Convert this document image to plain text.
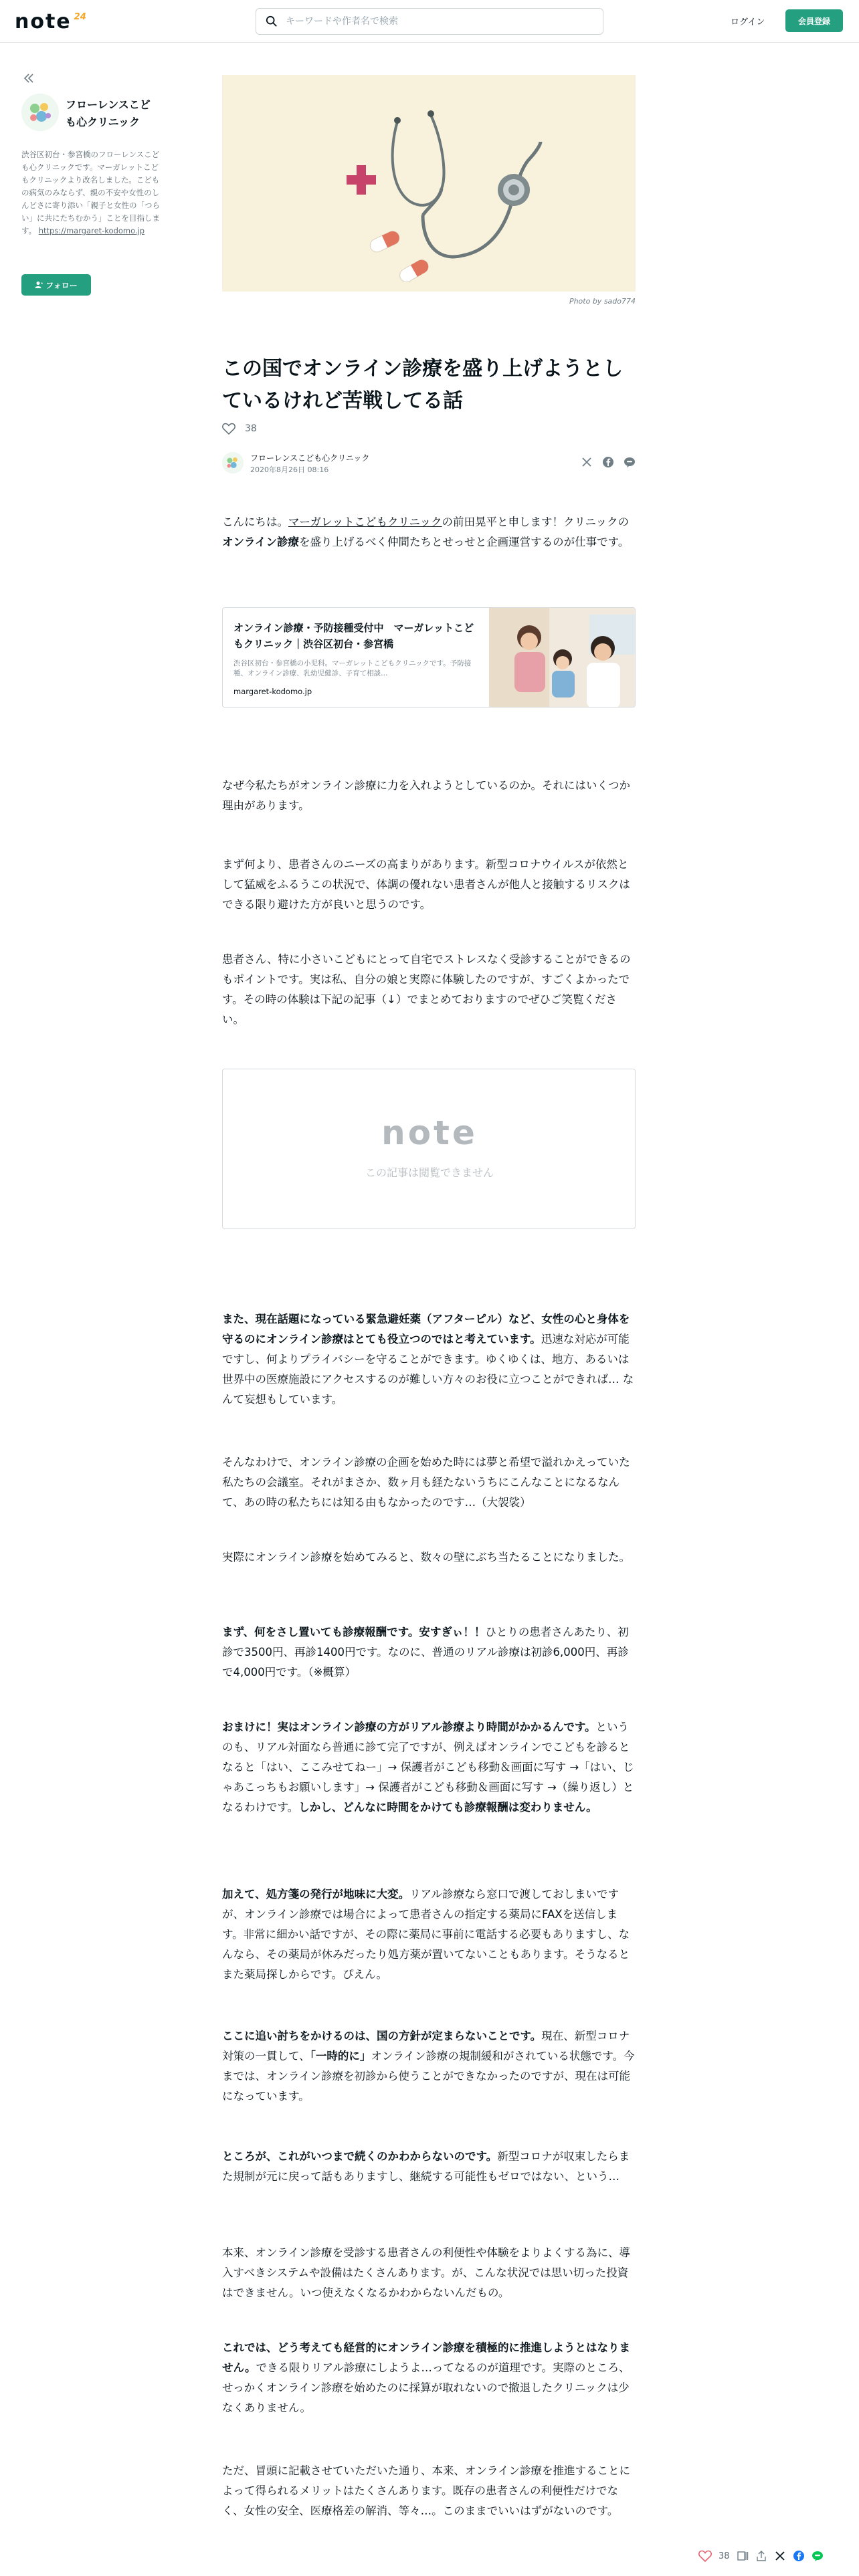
note 24
キーワードや作者名で検索
ログイン	会員登録
フローレンスこども心クリニック
渋谷区初台・参宮橋のフローレンスこども心クリニックです。マーガレットこどもクリニックより改名しました。こどもの病気のみならず、親の不安や女性のしんどさに寄り添い「親子と女性の「つらい」に共にたちむかう」ことを目指します。 https://margaret-kodomo.jp
フォロー
Photo by sado774
この国でオンライン診療を盛り上げようとしているけれど苦戦してる話
38
フローレンスこども心クリニック
2020年8月26日 08:16

こんにちは。マーガレットこどもクリニックの前田晃平と申します！クリニックのオンライン診療を盛り上げるべく仲間たちとせっせと企画運営するのが仕事です。

オンライン診療・予防接種受付中　マーガレットこどもクリニック｜渋谷区初台・参宮橋
渋谷区初台・参宮橋の小児科。マーガレットこどもクリニックです。予防接種、オンライン診療、乳幼児健診、子育て相談…
margaret-kodomo.jp

なぜ今私たちがオンライン診療に力を入れようとしているのか。それにはいくつか理由があります。

まず何より、患者さんのニーズの高まりがあります。新型コロナウイルスが依然として猛威をふるうこの状況で、体調の優れない患者さんが他人と接触するリスクはできる限り避けた方が良いと思うのです。

患者さん、特に小さいこどもにとって自宅でストレスなく受診することができるのもポイントです。実は私、自分の娘と実際に体験したのですが、すごくよかったです。その時の体験は下記の記事（↓）でまとめておりますのでぜひご笑覧ください。

note
この記事は閲覧できません

また、現在話題になっている緊急避妊薬（アフターピル）など、女性の心と身体を守るのにオンライン診療はとても役立つのではと考えています。迅速な対応が可能ですし、何よりプライバシーを守ることができます。ゆくゆくは、地方、あるいは世界中の医療施設にアクセスするのが難しい方々のお役に立つことができれば… なんて妄想もしています。

そんなわけで、オンライン診療の企画を始めた時には夢と希望で溢れかえっていた私たちの会議室。それがまさか、数ヶ月も経たないうちにこんなことになるなんて、あの時の私たちには知る由もなかったのです…（大袈裟）

実際にオンライン診療を始めてみると、数々の壁にぶち当たることになりました。

まず、何をさし置いても診療報酬です。安すぎぃ！！ひとりの患者さんあたり、初診で3500円、再診1400円です。なのに、普通のリアル診療は初診6,000円、再診で4,000円です。（※概算）

おまけに！実はオンライン診療の方がリアル診療より時間がかかるんです。というのも、リアル対面なら普通に診て完了ですが、例えばオンラインでこどもを診るとなると「はい、ここみせてねー」→ 保護者がこども移動＆画面に写す →「はい、じゃあこっちもお願いします」→ 保護者がこども移動＆画面に写す →（繰り返し）となるわけです。しかし、どんなに時間をかけても診療報酬は変わりません。

加えて、処方箋の発行が地味に大変。リアル診療なら窓口で渡しておしまいですが、オンライン診療では場合によって患者さんの指定する薬局にFAXを送信します。非常に細かい話ですが、その際に薬局に事前に電話する必要もありますし、なんなら、その薬局が休みだったり処方薬が置いてないこともあります。そうなるとまた薬局探しからです。ぴえん。

ここに追い討ちをかけるのは、国の方針が定まらないことです。現在、新型コロナ対策の一貫して、「一時的に」オンライン診療の規制緩和がされている状態です。今までは、オンライン診療を初診から使うことができなかったのですが、現在は可能になっています。

ところが、これがいつまで続くのかわからないのです。新型コロナが収束したらまた規制が元に戻って話もありますし、継続する可能性もゼロではない、という…

本来、オンライン診療を受診する患者さんの利便性や体験をよりよくする為に、導入すべきシステムや設備はたくさんあります。が、こんな状況では思い切った投資はできません。いつ使えなくなるかわからないんだもの。

これでは、どう考えても経営的にオンライン診療を積極的に推進しようとはなりません。できる限りリアル診療にしようよ…ってなるのが道理です。実際のところ、せっかくオンライン診療を始めたのに採算が取れないので撤退したクリニックは少なくありません。

ただ、冒頭に記載させていただいた通り、本来、オンライン診療を推進することによって得られるメリットはたくさんあります。既存の患者さんの利便性だけでなく、女性の安全、医療格差の解消、等々…。このままでいいはずがないのです。

38
